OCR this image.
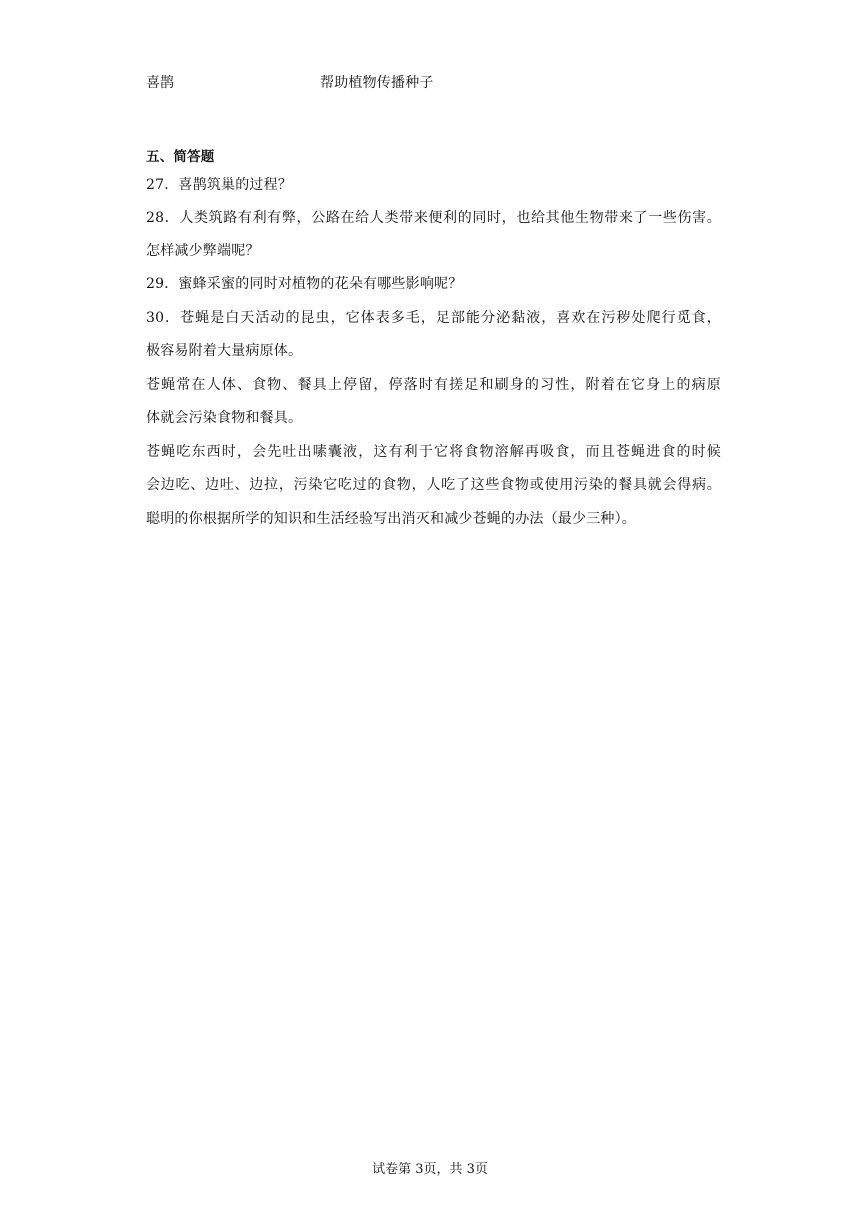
喜鹊	帮助植物传播种子
五、简答题
27．喜鹊筑巢的过程？
28．人类筑路有利有弊，公路在给人类带来便利的同时，也给其他生物带来了一些伤害。
怎样减少弊端呢？
29．蜜蜂采蜜的同时对植物的花朵有哪些影响呢？
30．苍蝇是白天活动的昆虫，它体表多毛，足部能分泌黏液，喜欢在污秽处爬行觅食，
极容易附着大量病原体。
苍蝇常在人体、食物、餐具上停留，停落时有搓足和刷身的习性，附着在它身上的病原
体就会污染食物和餐具。
苍蝇吃东西时，会先吐出嗉囊液，这有利于它将食物溶解再吸食，而且苍蝇进食的时候
会边吃、边吐、边拉，污染它吃过的食物，人吃了这些食物或使用污染的餐具就会得病。
聪明的你根据所学的知识和生活经验写出消灭和减少苍蝇的办法（最少三种）。
试卷第 3页，共 3页
